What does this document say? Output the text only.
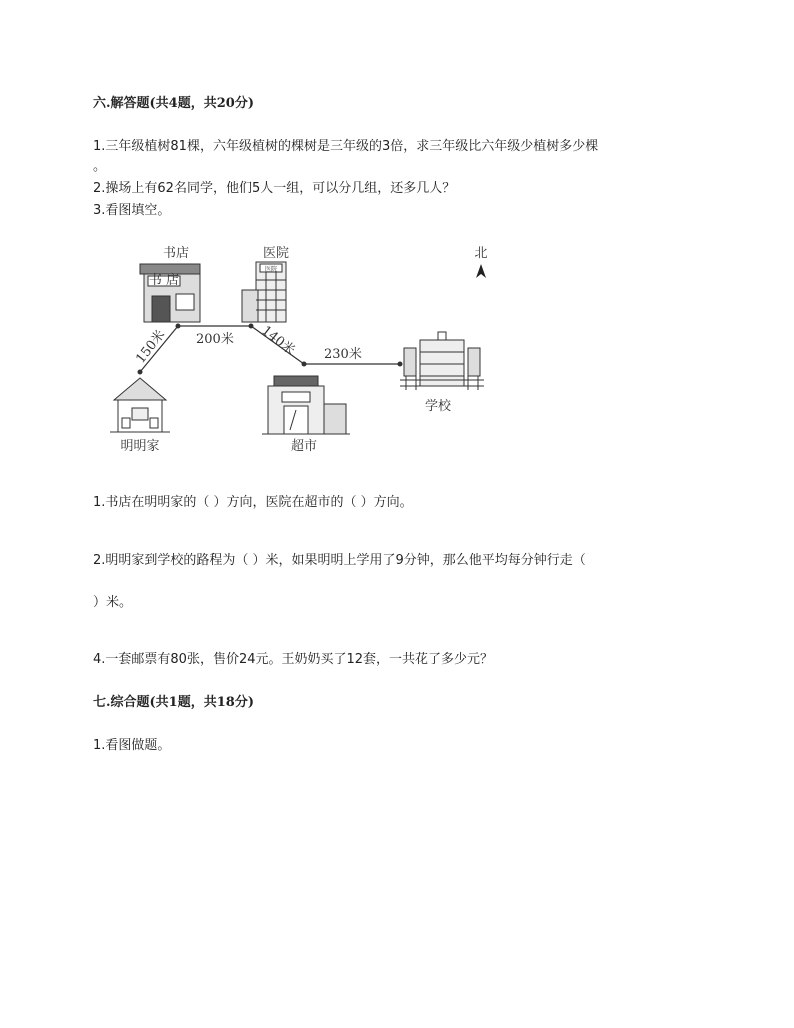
六.解答题(共4题，共20分)
1.三年级植树81棵，六年级植树的棵树是三年级的3倍，求三年级比六年级少植树多少棵
。
2.操场上有62名同学，他们5人一组，可以分几组，还多几人？
3.看图填空。
书 店
书店
医院
医院	北
150米 200米 140米 230米
明明家	超市
学校
1.书店在明明家的（ ）方向，医院在超市的（ ）方向。
2.明明家到学校的路程为（ ）米，如果明明上学用了9分钟，那么他平均每分钟行走（
）米。
4.一套邮票有80张，售价24元。王奶奶买了12套，一共花了多少元？
七.综合题(共1题，共18分)
1.看图做题。
